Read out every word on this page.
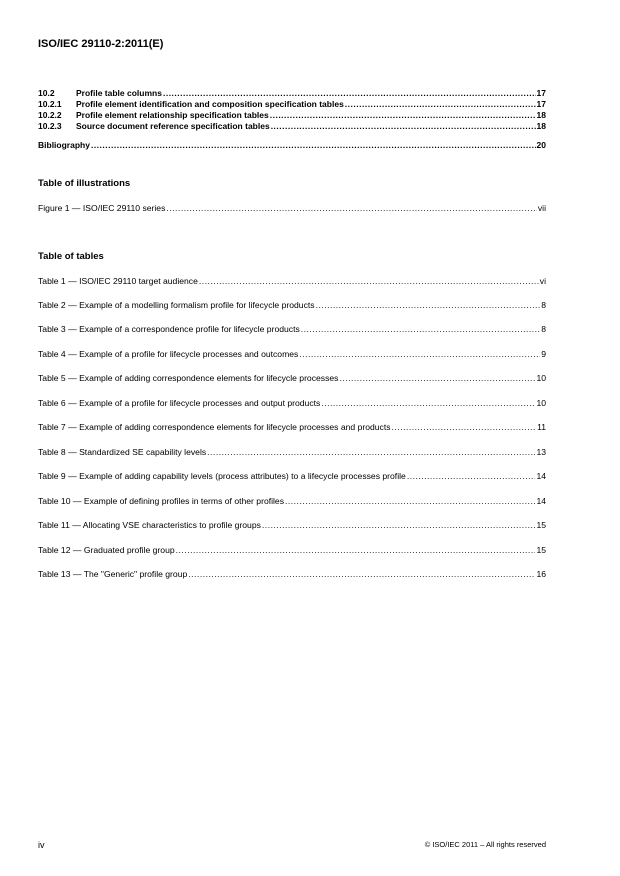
ISO/IEC 29110-2:2011(E)
10.2	Profile table columns .....	17
10.2.1	Profile element identification and composition specification tables .....	17
10.2.2	Profile element relationship specification tables .....	18
10.2.3	Source document reference specification tables .....	18
Bibliography .....	20
Table of illustrations
Figure 1 — ISO/IEC 29110 series .....	vii
Table of tables
Table 1 — ISO/IEC 29110 target audience .....	vi
Table 2 — Example of a modelling formalism profile for lifecycle products .....	8
Table 3 — Example of a correspondence profile for lifecycle products .....	8
Table 4 — Example of a profile for lifecycle processes and outcomes .....	9
Table 5 — Example of adding correspondence elements for lifecycle processes .....	10
Table 6 — Example of a profile for lifecycle processes and output products .....	10
Table 7 — Example of adding correspondence elements for lifecycle processes and products .....	11
Table 8 — Standardized SE capability levels .....	13
Table 9 — Example of adding capability levels (process attributes) to a lifecycle processes profile .....	14
Table 10 — Example of defining profiles in terms of other profiles .....	14
Table 11 — Allocating VSE characteristics to profile groups .....	15
Table 12 — Graduated profile group .....	15
Table 13 — The "Generic" profile group .....	16
iv	© ISO/IEC 2011 – All rights reserved
